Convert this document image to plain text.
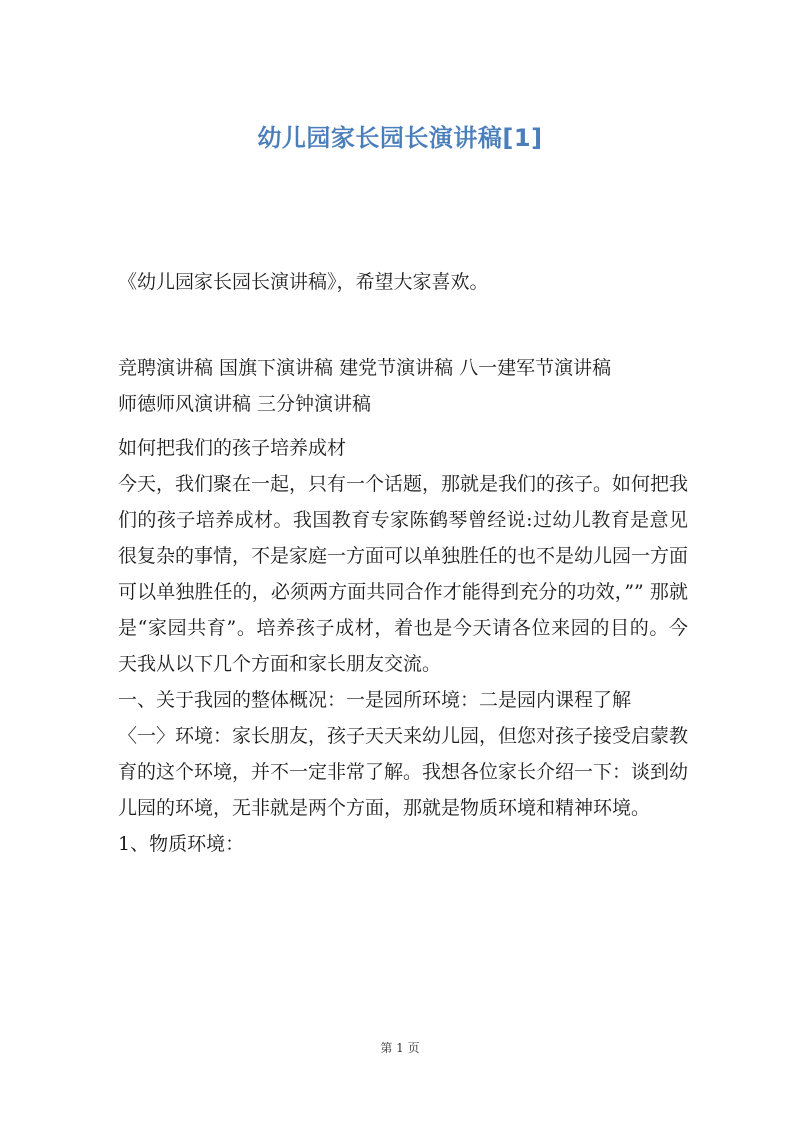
幼儿园家长园长演讲稿[1]

《幼儿园家长园长演讲稿》，希望大家喜欢。

竞聘演讲稿 国旗下演讲稿 建党节演讲稿 八一建军节演讲稿

师德师风演讲稿 三分钟演讲稿

如何把我们的孩子培养成材

今天，我们聚在一起，只有一个话题，那就是我们的孩子。如何把我们的孩子培养成材。我国教育专家陈鹤琴曾经说:过幼儿教育是意见很复杂的事情，不是家庭一方面可以单独胜任的也不是幼儿园一方面可以单独胜任的，必须两方面共同合作才能得到充分的功效，”” 那就是“家园共育”。培养孩子成材，着也是今天请各位来园的目的。今天我从以下几个方面和家长朋友交流。

一、关于我园的整体概况：一是园所环境：二是园内课程了解

〈一〉环境：家长朋友，孩子天天来幼儿园，但您对孩子接受启蒙教育的这个环境，并不一定非常了解。我想各位家长介绍一下：谈到幼儿园的环境，无非就是两个方面，那就是物质环境和精神环境。

1、物质环境：

第 1 页
